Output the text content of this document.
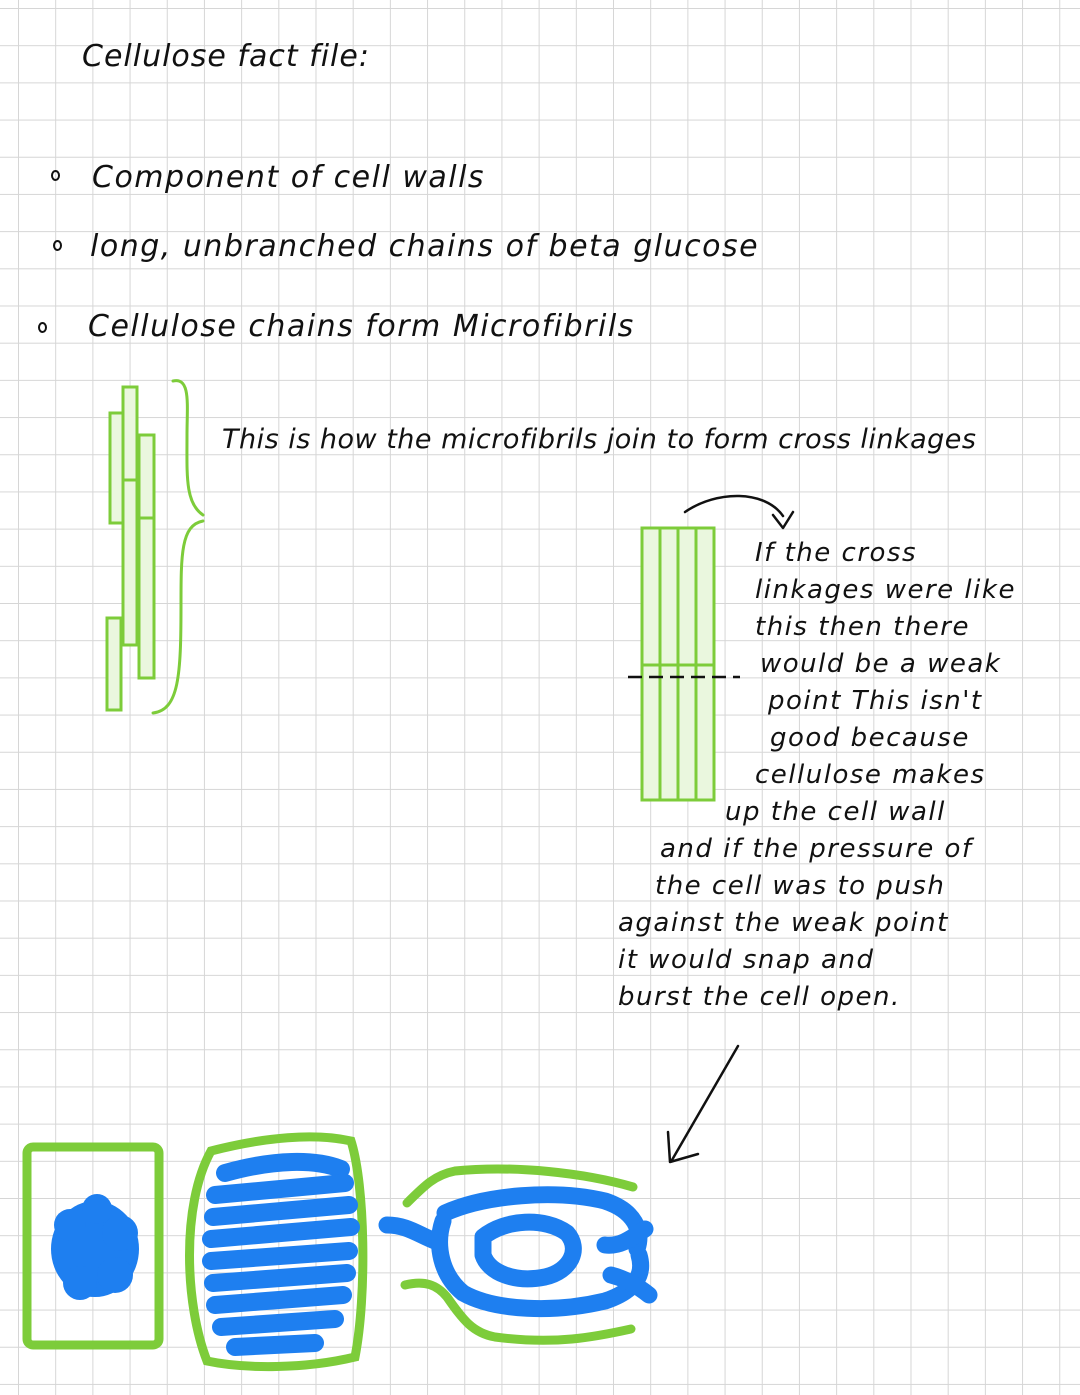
Cellulose fact file:
Component of cell walls
long, unbranched chains of beta glucose
Cellulose chains form Microfibrils
This is how the microfibrils join to form cross linkages
If the cross
linkages were like
this then there
would be a weak
point This isn't
good because
cellulose makes
up the cell wall
and if the pressure of
the cell was to push
against the weak point
it would snap and
burst the cell open.
